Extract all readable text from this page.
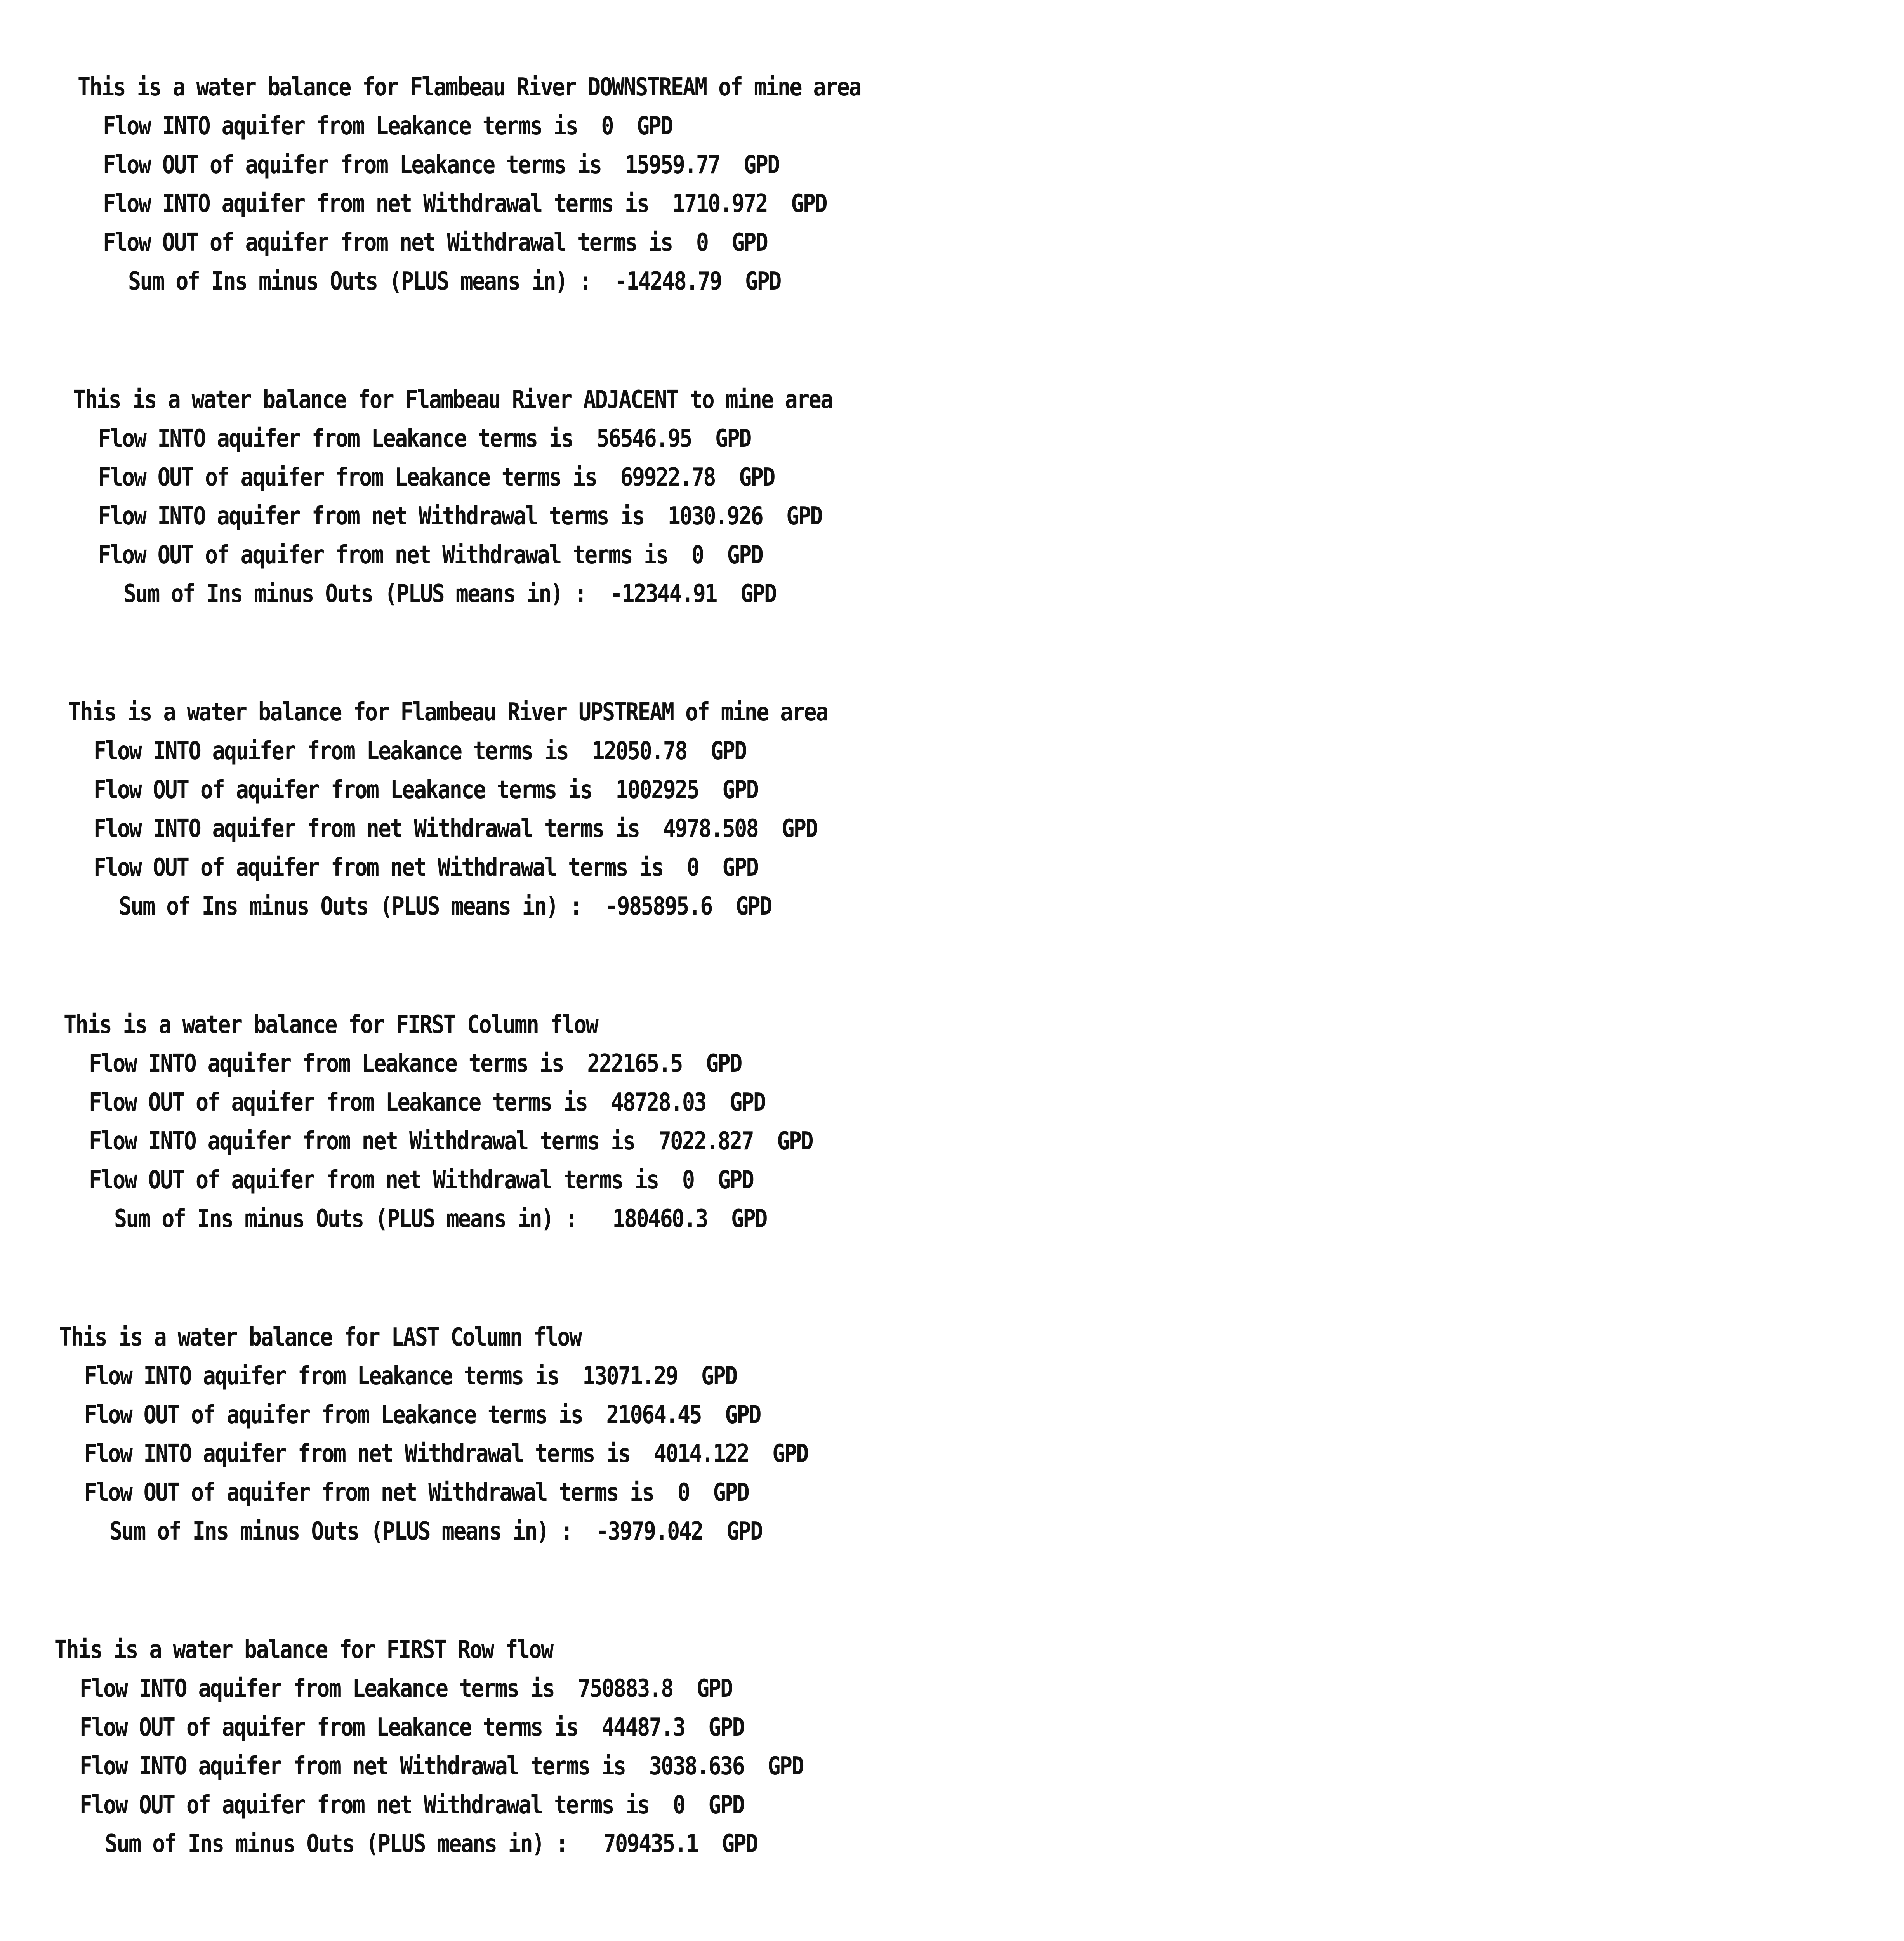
This is a water balance for Flambeau River DOWNSTREAM of mine area
Flow INTO aquifer from Leakance terms is  0  GPD
Flow OUT of aquifer from Leakance terms is  15959.77  GPD
Flow INTO aquifer from net Withdrawal terms is  1710.972  GPD
Flow OUT of aquifer from net Withdrawal terms is  0  GPD
Sum of Ins minus Outs (PLUS means in) :  -14248.79  GPD
This is a water balance for Flambeau River ADJACENT to mine area
Flow INTO aquifer from Leakance terms is  56546.95  GPD
Flow OUT of aquifer from Leakance terms is  69922.78  GPD
Flow INTO aquifer from net Withdrawal terms is  1030.926  GPD
Flow OUT of aquifer from net Withdrawal terms is  0  GPD
Sum of Ins minus Outs (PLUS means in) :  -12344.91  GPD
This is a water balance for Flambeau River UPSTREAM of mine area
Flow INTO aquifer from Leakance terms is  12050.78  GPD
Flow OUT of aquifer from Leakance terms is  1002925  GPD
Flow INTO aquifer from net Withdrawal terms is  4978.508  GPD
Flow OUT of aquifer from net Withdrawal terms is  0  GPD
Sum of Ins minus Outs (PLUS means in) :  -985895.6  GPD
This is a water balance for FIRST Column flow
Flow INTO aquifer from Leakance terms is  222165.5  GPD
Flow OUT of aquifer from Leakance terms is  48728.03  GPD
Flow INTO aquifer from net Withdrawal terms is  7022.827  GPD
Flow OUT of aquifer from net Withdrawal terms is  0  GPD
Sum of Ins minus Outs (PLUS means in) :   180460.3  GPD
This is a water balance for LAST Column flow
Flow INTO aquifer from Leakance terms is  13071.29  GPD
Flow OUT of aquifer from Leakance terms is  21064.45  GPD
Flow INTO aquifer from net Withdrawal terms is  4014.122  GPD
Flow OUT of aquifer from net Withdrawal terms is  0  GPD
Sum of Ins minus Outs (PLUS means in) :  -3979.042  GPD
This is a water balance for FIRST Row flow
Flow INTO aquifer from Leakance terms is  750883.8  GPD
Flow OUT of aquifer from Leakance terms is  44487.3  GPD
Flow INTO aquifer from net Withdrawal terms is  3038.636  GPD
Flow OUT of aquifer from net Withdrawal terms is  0  GPD
Sum of Ins minus Outs (PLUS means in) :   709435.1  GPD
